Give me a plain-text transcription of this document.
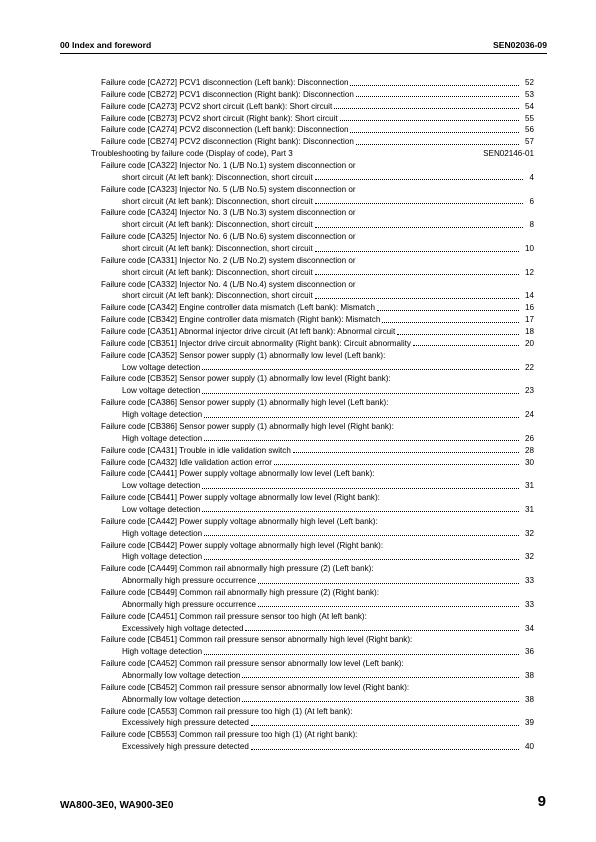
00 Index and foreword	SEN02036-09
Failure code [CA272] PCV1 disconnection (Left bank): Disconnection	52
Failure code [CB272] PCV1 disconnection (Right bank): Disconnection	53
Failure code [CA273] PCV2 short circuit (Left bank): Short circuit	54
Failure code [CB273] PCV2 short circuit (Right bank): Short circuit	55
Failure code [CA274] PCV2 disconnection (Left bank): Disconnection	56
Failure code [CB274] PCV2 disconnection (Right bank): Disconnection	57
Troubleshooting by failure code (Display of code), Part 3	SEN02146-01
Failure code [CA322] Injector No. 1 (L/B No.1) system disconnection or
short circuit (At left bank): Disconnection, short circuit	4
Failure code [CA323] Injector No. 5 (L/B No.5) system disconnection or
short circuit (At left bank): Disconnection, short circuit	6
Failure code [CA324] Injector No. 3 (L/B No.3) system disconnection or
short circuit (At left bank): Disconnection, short circuit	8
Failure code [CA325] Injector No. 6 (L/B No.6) system disconnection or
short circuit (At left bank): Disconnection, short circuit	10
Failure code [CA331] Injector No. 2 (L/B No.2) system disconnection or
short circuit (At left bank): Disconnection, short circuit	12
Failure code [CA332] Injector No. 4 (L/B No.4) system disconnection or
short circuit (At left bank): Disconnection, short circuit	14
Failure code [CA342] Engine controller data mismatch (Left bank): Mismatch	16
Failure code [CB342] Engine controller data mismatch (Right bank): Mismatch	17
Failure code [CA351] Abnormal injector drive circuit (At left bank): Abnormal circuit	18
Failure code [CB351] Injector drive circuit abnormality (Right bank): Circuit abnormality	20
Failure code [CA352] Sensor power supply (1) abnormally low level (Left bank):
Low voltage detection	22
Failure code [CB352] Sensor power supply (1) abnormally low level (Right bank):
Low voltage detection	23
Failure code [CA386] Sensor power supply (1) abnormally high level (Left bank):
High voltage detection	24
Failure code [CB386] Sensor power supply (1) abnormally high level (Right bank):
High voltage detection	26
Failure code [CA431] Trouble in idle validation switch	28
Failure code [CA432] Idle validation action error	30
Failure code [CA441] Power supply voltage abnormally low level (Left bank):
Low voltage detection	31
Failure code [CB441] Power supply voltage abnormally low level (Right bank):
Low voltage detection	31
Failure code [CA442] Power supply voltage abnormally high level (Left bank):
High voltage detection	32
Failure code [CB442] Power supply voltage abnormally high level (Right bank):
High voltage detection	32
Failure code [CA449] Common rail abnormally high pressure (2) (Left bank):
Abnormally high pressure occurrence	33
Failure code [CB449] Common rail abnormally high pressure (2) (Right bank):
Abnormally high pressure occurrence	33
Failure code [CA451] Common rail pressure sensor too high (At left bank):
Excessively high voltage detected	34
Failure code [CB451] Common rail pressure sensor abnormally high level (Right bank):
High voltage detection	36
Failure code [CA452] Common rail pressure sensor abnormally low level (Left bank):
Abnormally low voltage detection	38
Failure code [CB452] Common rail pressure sensor abnormally low level (Right bank):
Abnormally low voltage detection	38
Failure code [CA553] Common rail pressure too high (1) (At left bank):
Excessively high pressure detected	39
Failure code [CB553] Common rail pressure too high (1) (At right bank):
Excessively high pressure detected	40
WA800-3E0, WA900-3E0	9
